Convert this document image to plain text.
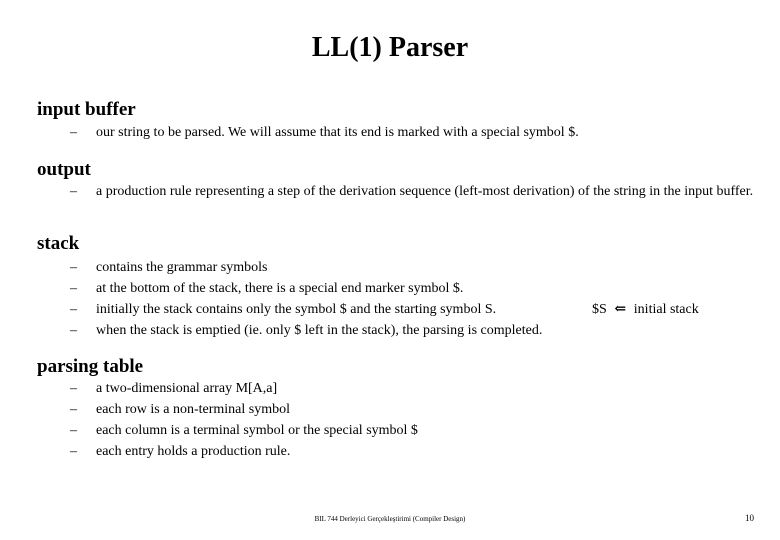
LL(1) Parser
input buffer
–	our string to be parsed. We will assume that its end is marked with a special symbol $.
output
–	a production rule representing a step of the derivation sequence (left-most derivation) of the string in the input buffer.
stack
–	contains the grammar symbols
–	at the bottom of the stack, there is a special end marker symbol $.
–	initially the stack contains only the symbol $ and the starting symbol S.	$S ⇐ initial stack
–	when the stack is emptied (ie. only $ left in the stack), the parsing is completed.
parsing table
–	a two-dimensional array M[A,a]
–	each row is a non-terminal symbol
–	each column is a terminal symbol or the special symbol $
–	each entry holds a production rule.
BIL 744 Derleyici Gerçekleştirimi (Compiler Design)	10
